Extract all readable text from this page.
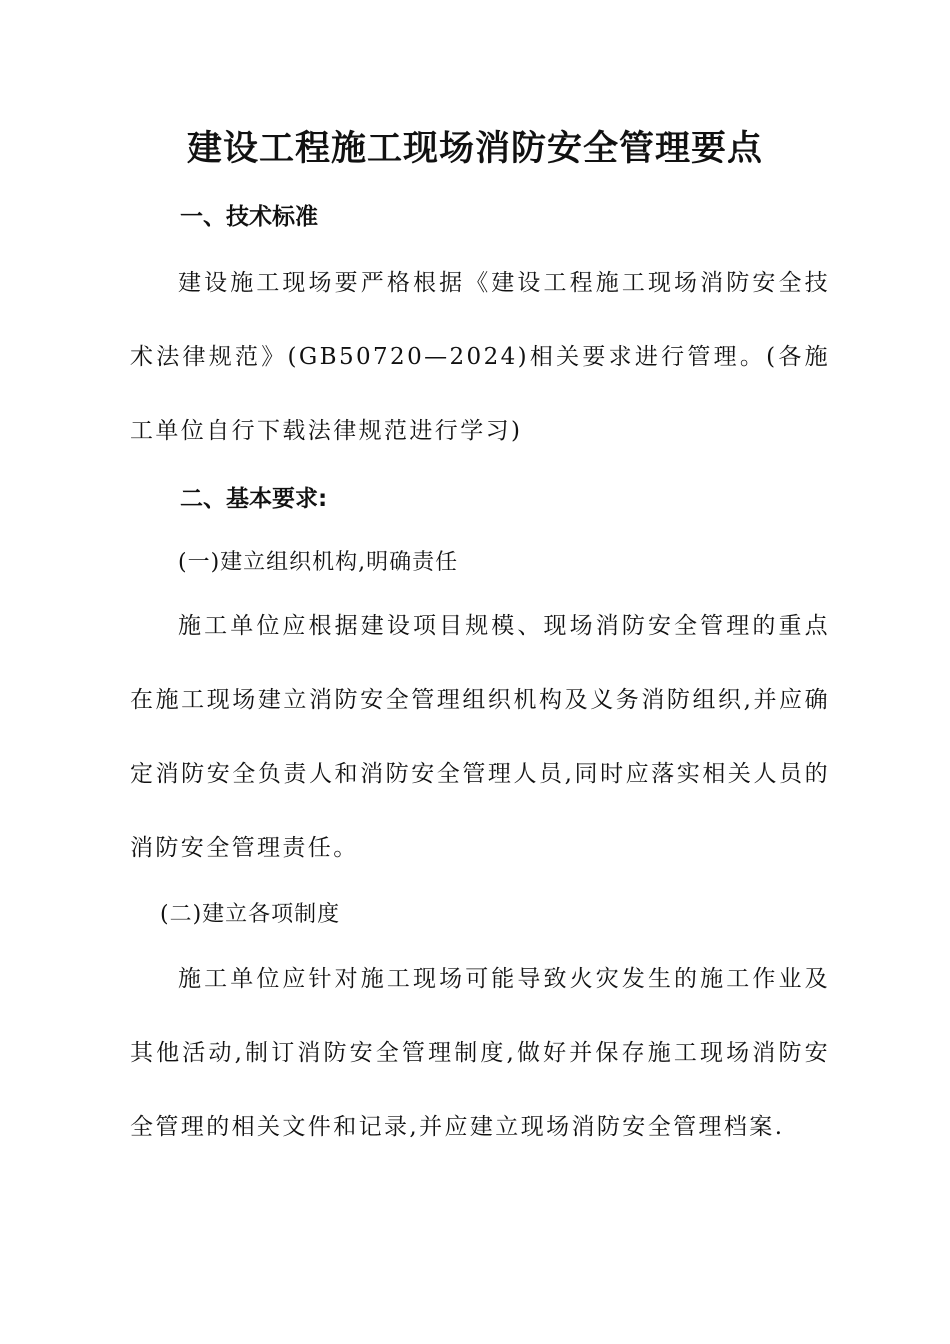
建设工程施工现场消防安全管理要点
一、技术标准

建设施工现场要严格根据《建设工程施工现场消防安全技术法律规范》(GB50720—2024)相关要求进行管理。(各施工单位自行下载法律规范进行学习)

二、基本要求:
(一)建立组织机构,明确责任

施工单位应根据建设项目规模、现场消防安全管理的重点在施工现场建立消防安全管理组织机构及义务消防组织,并应确定消防安全负责人和消防安全管理人员,同时应落实相关人员的消防安全管理责任。

(二)建立各项制度

施工单位应针对施工现场可能导致火灾发生的施工作业及其他活动,制订消防安全管理制度,做好并保存施工现场消防安全管理的相关文件和记录,并应建立现场消防安全管理档案.
